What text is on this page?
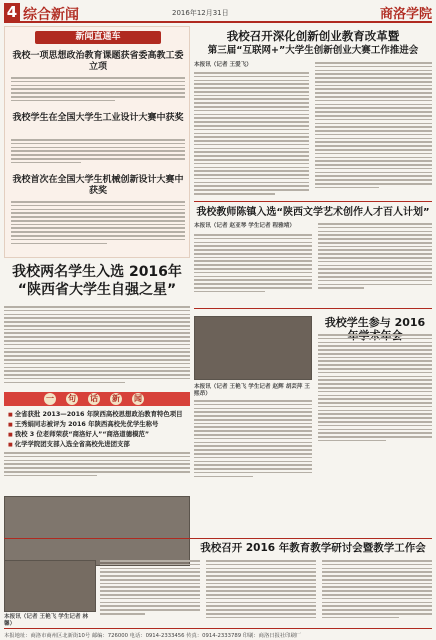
4 综合新闻	2016年12月31日	商洛学院
新闻直通车
我校一项思想政治教育课题获省委高教工委立项
我校学生在全国大学生工业设计大赛中获奖
我校首次在全国大学生机械创新设计大赛中获奖
我校两名学生入选 2016年
“陕西省大学生自强之星”
一 句 话 新 闻
■ 全省获批 2013—2016 年陕西高校思想政治教育特色项目
■ 王秀娟同志被评为 2016 年陕西高校先优学生称号
■ 我校 3 位老师荣获“商洛好人”“商洛道德模范”
■ 化学学院团支部入选全省高校先进团支部
我校召开深化创新创业教育改革暨
第三届“互联网+”大学生创新创业大赛工作推进会
本报讯（记者 王爱飞）
我校教师陈镇入选“陕西文学艺术创作人才百人计划”
本报讯（记者 赵亚琴 学生记者 程雅靖）
我校学生参与 2016
本报讯（记者 王艳飞 学生记者 赵辉 胡芸萍 王熙昂）
我校召开 2016 年教育教学研讨会暨教学工作会
本报讯（记者 王艳飞 学生记者 林 馨）
本报地址：商洛市商州区北新街10号 邮编：726000 电话：0914-2333456 传真：0914-2333789 印刷：商洛日报社印刷厂
